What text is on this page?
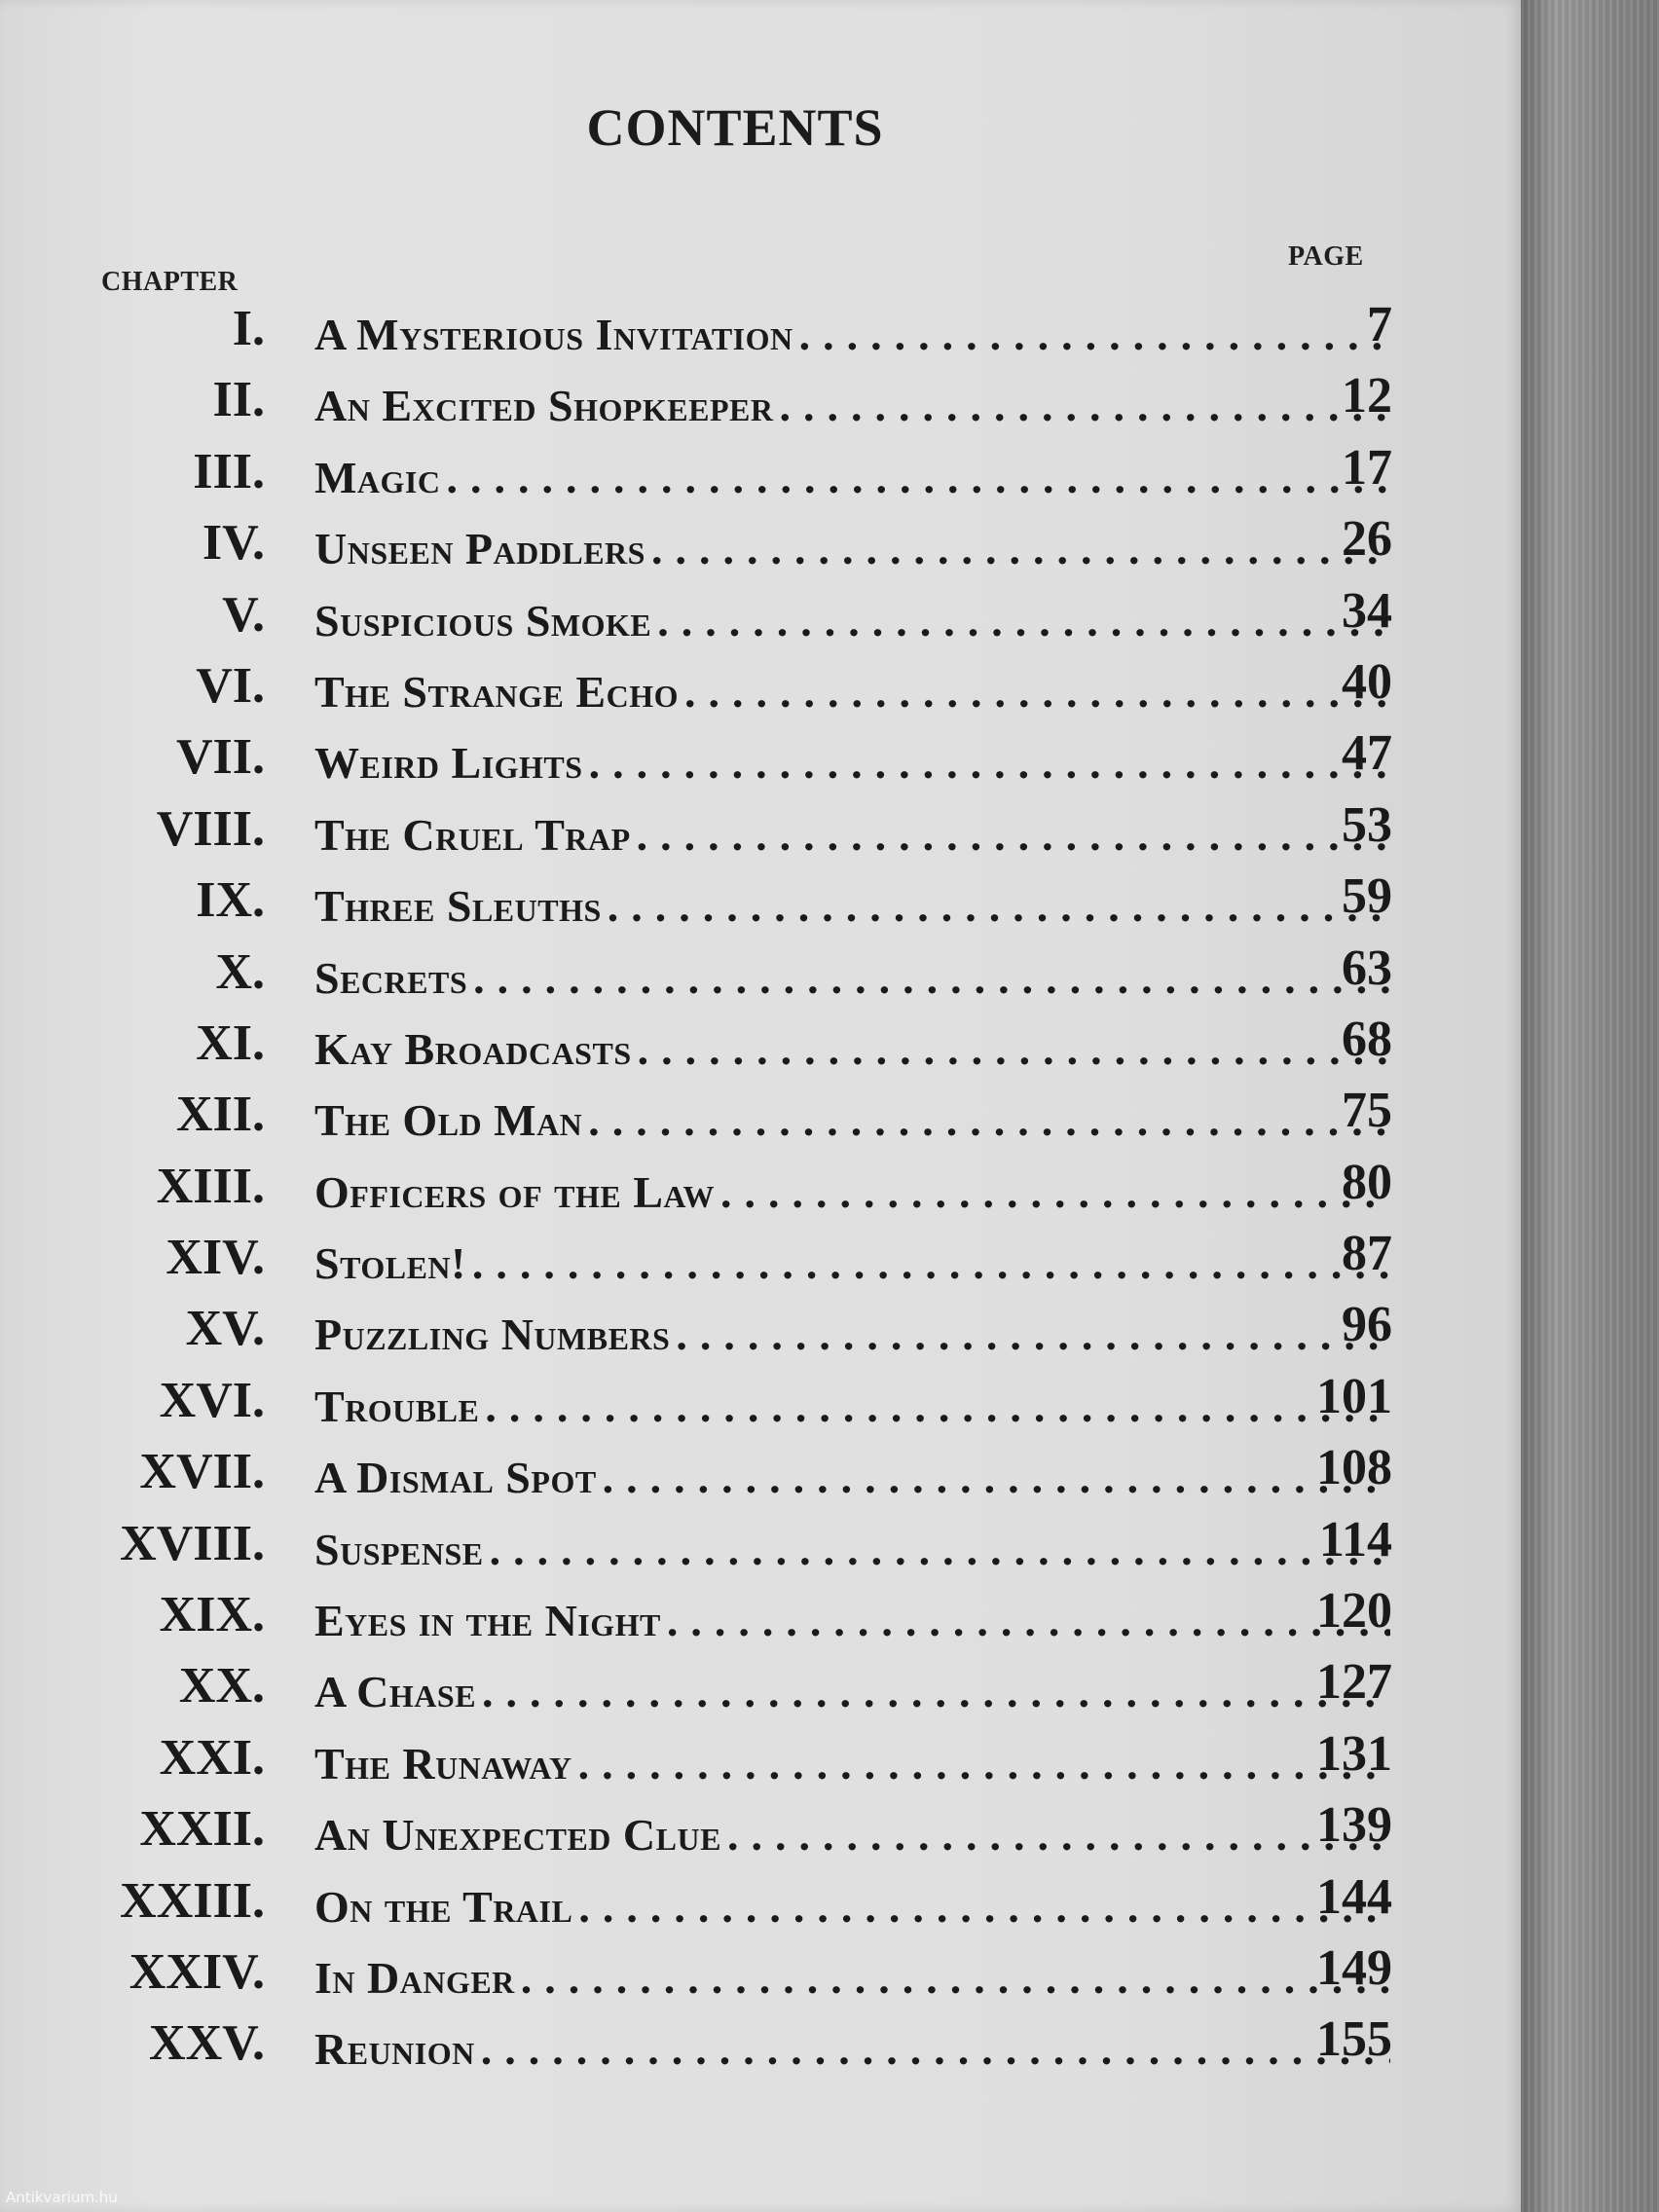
CONTENTS
CHAPTER
PAGE
I. A Mysterious Invitation .....	7
II. An Excited Shopkeeper .....	12
III. Magic .....	17
IV. Unseen Paddlers .....	26
V. Suspicious Smoke .....	34
VI. The Strange Echo .....	40
VII. Weird Lights .....	47
VIII. The Cruel Trap .....	53
IX. Three Sleuths .....	59
X. Secrets .....	63
XI. Kay Broadcasts .....	68
XII. The Old Man .....	75
XIII. Officers of the Law .....	80
XIV. Stolen! .....	87
XV. Puzzling Numbers .....	96
XVI. Trouble .....	101
XVII. A Dismal Spot .....	108
XVIII. Suspense .....	114
XIX. Eyes in the Night .....	120
XX. A Chase .....	127
XXI. The Runaway .....	131
XXII. An Unexpected Clue .....	139
XXIII. On the Trail .....	144
XXIV. In Danger .....	149
XXV. Reunion .....	155
Antikvarium.hu
